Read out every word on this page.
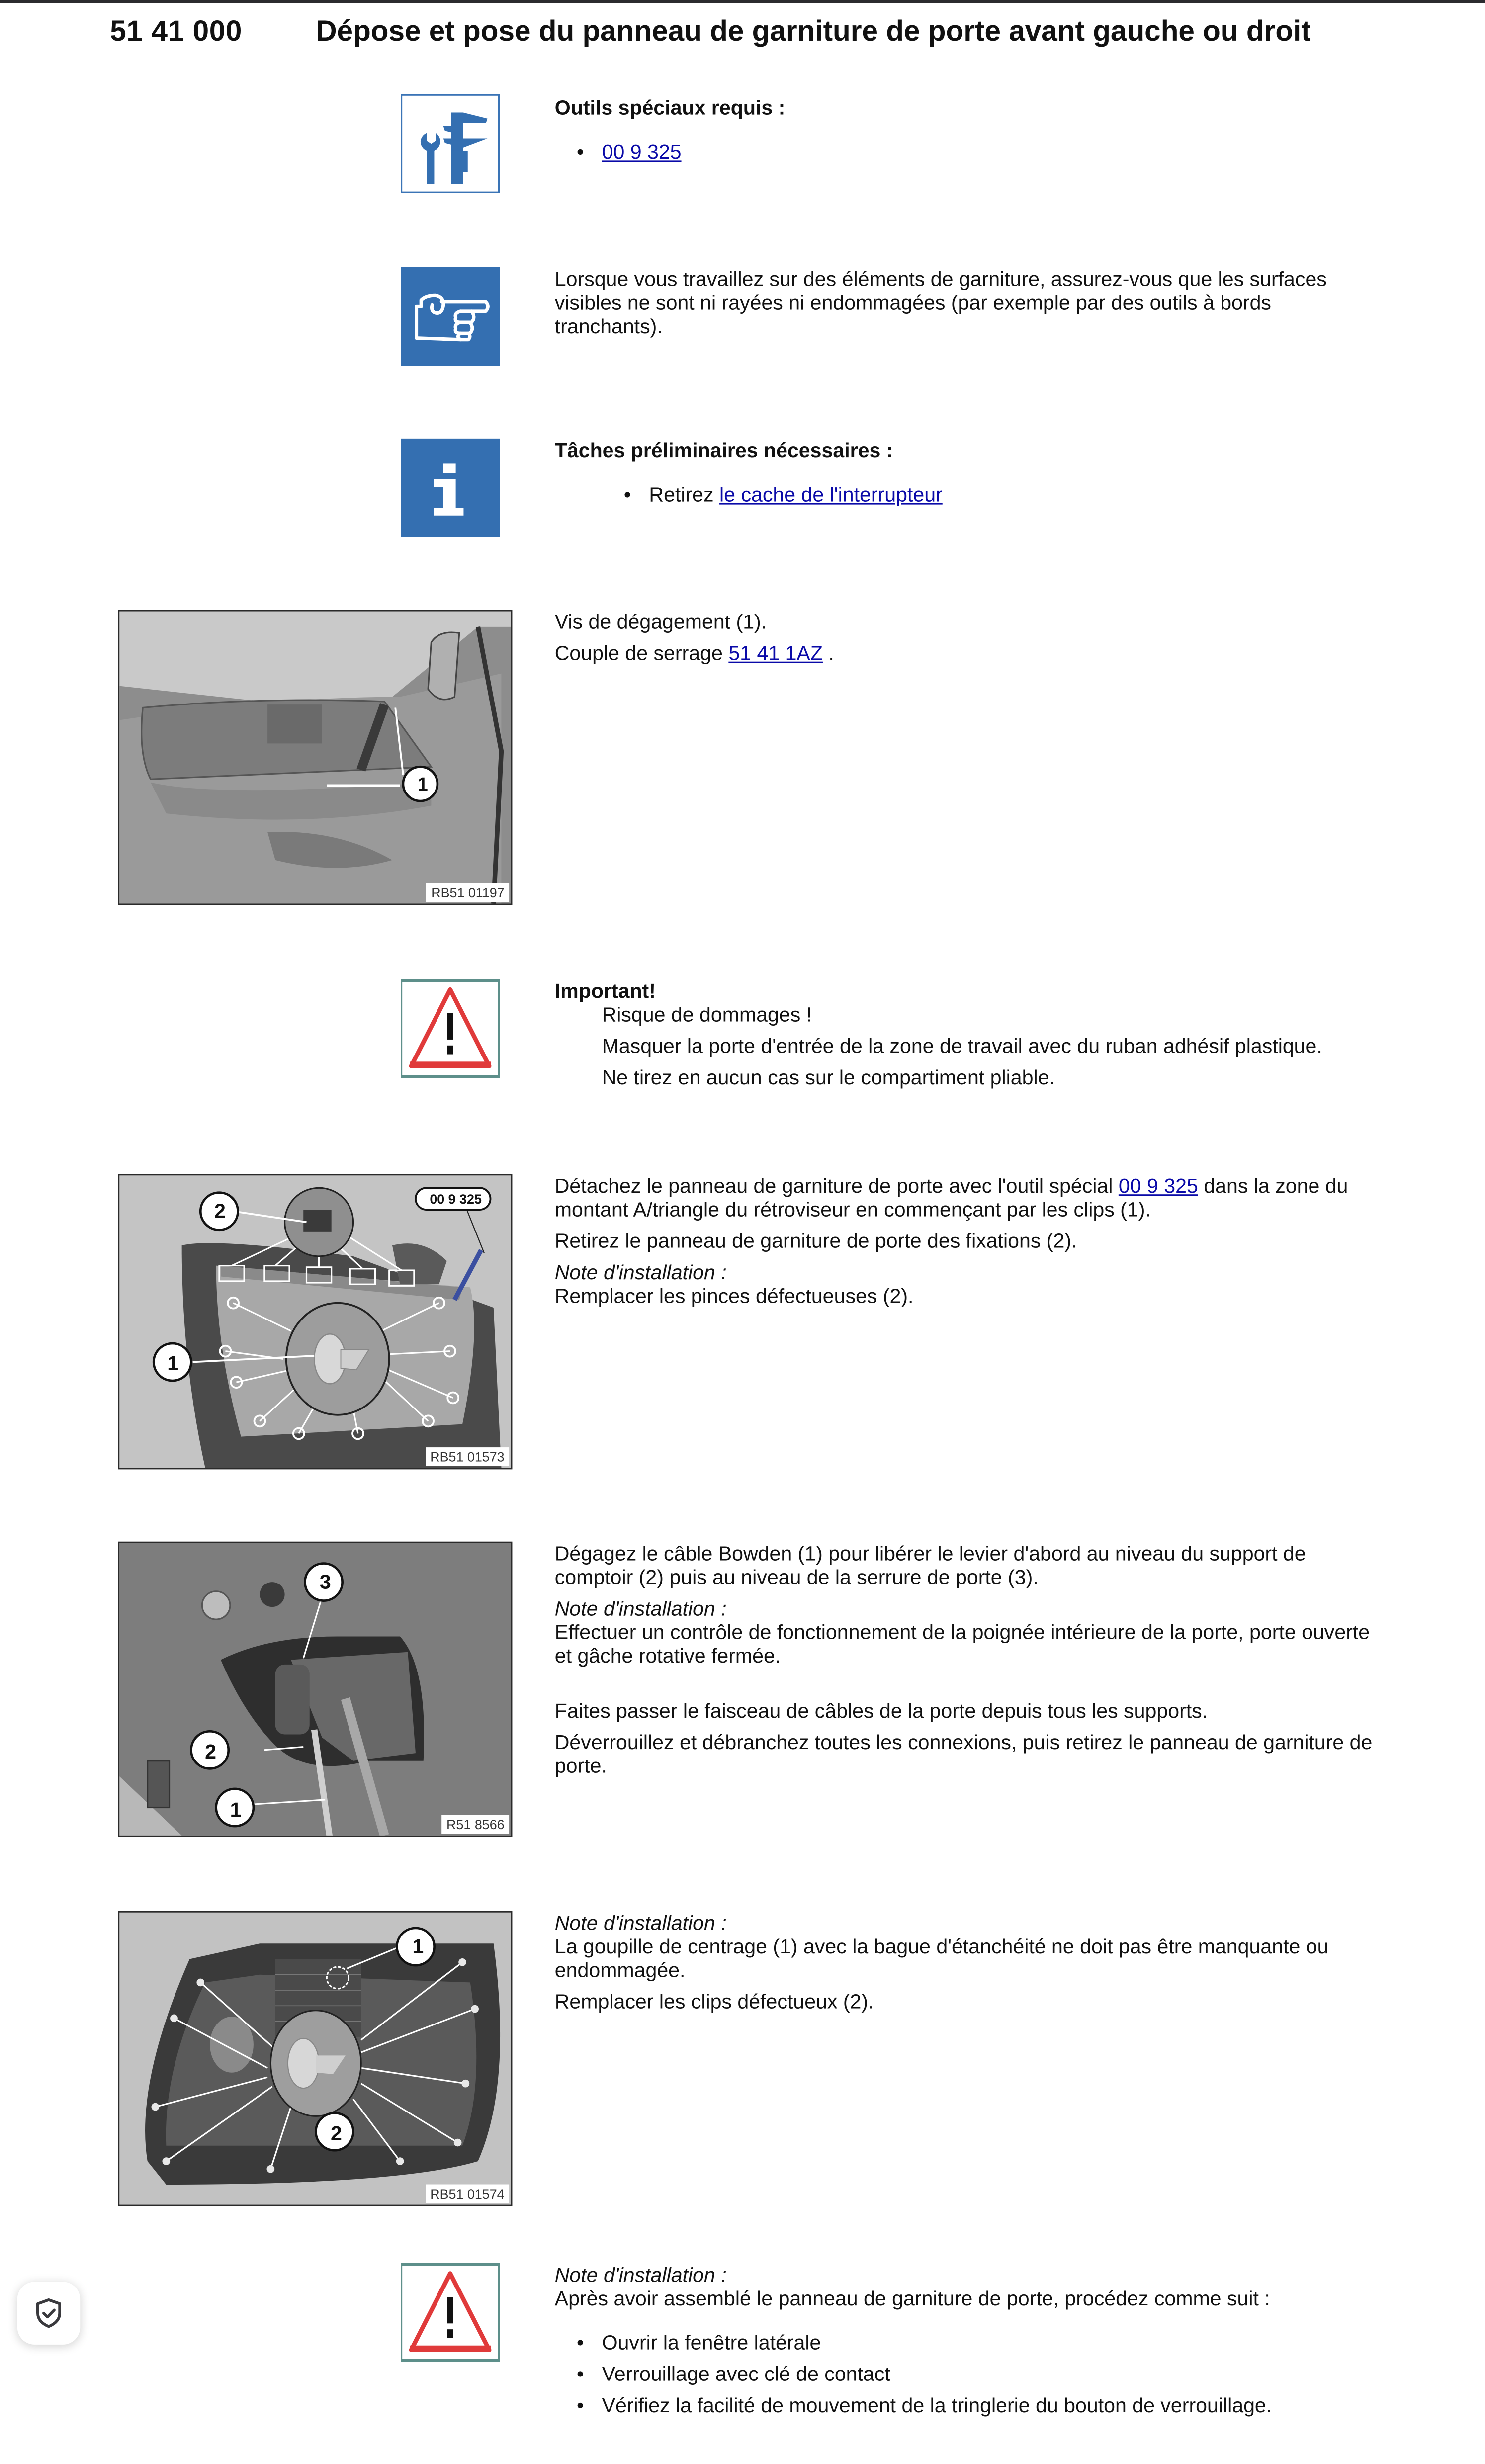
51 41 000	Dépose et pose du panneau de garniture de porte avant gauche ou droit

Outils spéciaux requis :

• 00 9 325

Lorsque vous travaillez sur des éléments de garniture, assurez-vous que les surfaces visibles ne sont ni rayées ni endommagées (par exemple par des outils à bords tranchants).

Tâches préliminaires nécessaires :

• Retirez le cache de l'interrupteur
1
RB51 01197

Vis de dégagement (1).

Couple de serrage 51 41 1AZ .

Important!

Risque de dommages !

Masquer la porte d'entrée de la zone de travail avec du ruban adhésif plastique.

Ne tirez en aucun cas sur le compartiment pliable.

1
2	00 9 325
RB51 01573

Détachez le panneau de garniture de porte avec l'outil spécial 00 9 325 dans la zone du montant A/triangle du rétroviseur en commençant par les clips (1).

Retirez le panneau de garniture de porte des fixations (2).

Note d'installation :

Remplacer les pinces défectueuses (2).

3
2
1
R51 8566

Dégagez le câble Bowden (1) pour libérer le levier d'abord au niveau du support de comptoir (2) puis au niveau de la serrure de porte (3).

Note d'installation :

Effectuer un contrôle de fonctionnement de la poignée intérieure de la porte, porte ouverte et gâche rotative fermée.

Faites passer le faisceau de câbles de la porte depuis tous les supports.

Déverrouillez et débranchez toutes les connexions, puis retirez le panneau de garniture de porte.

1
2
RB51 01574

Note d'installation :

La goupille de centrage (1) avec la bague d'étanchéité ne doit pas être manquante ou endommagée.

Remplacer les clips défectueux (2).

Note d'installation :

Après avoir assemblé le panneau de garniture de porte, procédez comme suit :

• Ouvrir la fenêtre latérale
• Verrouillage avec clé de contact
• Vérifiez la facilité de mouvement de la tringlerie du bouton de verrouillage.
